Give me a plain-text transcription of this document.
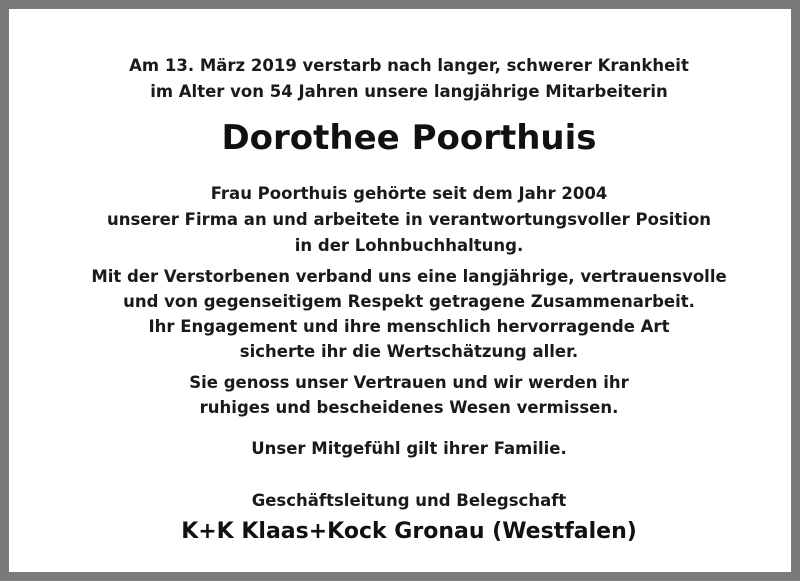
Am 13. März 2019 verstarb nach langer, schwerer Krankheit
im Alter von 54 Jahren unsere langjährige Mitarbeiterin
Dorothee Poorthuis
Frau Poorthuis gehörte seit dem Jahr 2004
unserer Firma an und arbeitete in verantwortungsvoller Position
in der Lohnbuchhaltung.
Mit der Verstorbenen verband uns eine langjährige, vertrauensvolle
und von gegenseitigem Respekt getragene Zusammenarbeit.
Ihr Engagement und ihre menschlich hervorragende Art
sicherte ihr die Wertschätzung aller.
Sie genoss unser Vertrauen und wir werden ihr
ruhiges und bescheidenes Wesen vermissen.
Unser Mitgefühl gilt ihrer Familie.
Geschäftsleitung und Belegschaft
K+K Klaas+Kock Gronau (Westfalen)
